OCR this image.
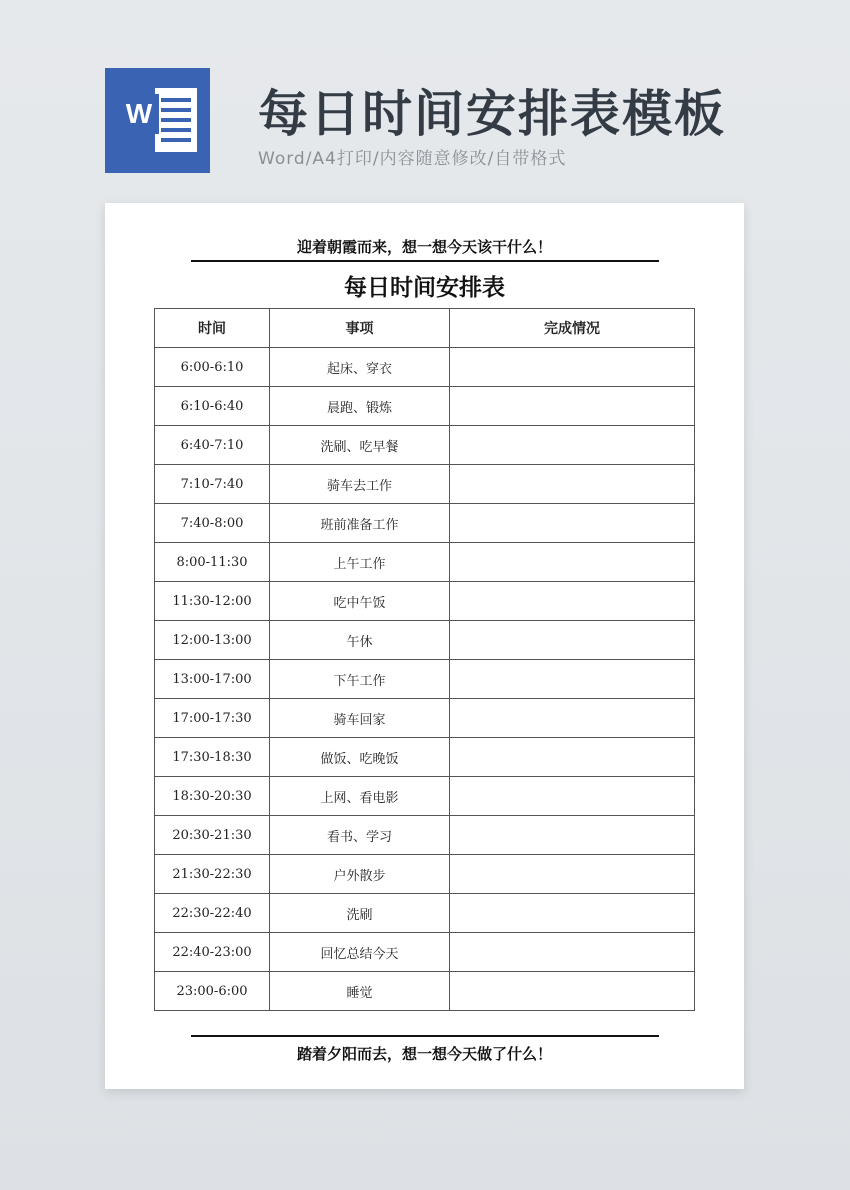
W 每日时间安排表模板
Word/A4打印/内容随意修改/自带格式
迎着朝霞而来，想一想今天该干什么！
每日时间安排表
时间	事项	完成情况
6:00-6:10	起床、穿衣	
6:10-6:40	晨跑、锻炼	
6:40-7:10	洗刷、吃早餐	
7:10-7:40	骑车去工作	
7:40-8:00	班前准备工作	
8:00-11:30	上午工作	
11:30-12:00	吃中午饭	
12:00-13:00	午休	
13:00-17:00	下午工作	
17:00-17:30	骑车回家	
17:30-18:30	做饭、吃晚饭	
18:30-20:30	上网、看电影	
20:30-21:30	看书、学习	
21:30-22:30	户外散步	
22:30-22:40	洗刷	
22:40-23:00	回忆总结今天	
23:00-6:00	睡觉	
踏着夕阳而去，想一想今天做了什么！
